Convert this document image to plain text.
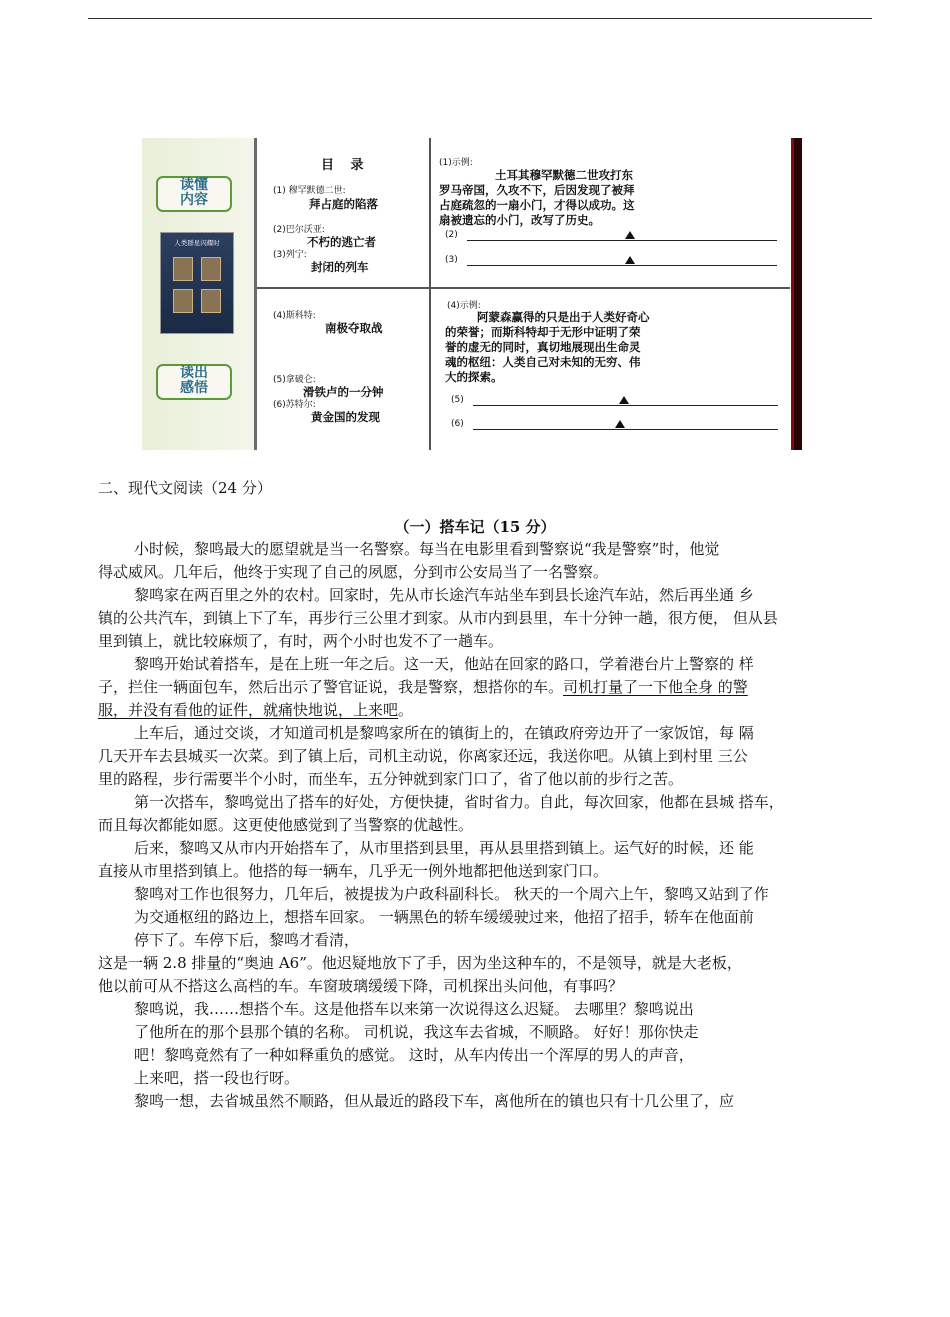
读懂
内容
人类群星闪耀时
读出
感悟
目 录
(1) 穆罕默德二世:
拜占庭的陷落
(2)巴尔沃亚:
不朽的逃亡者
(3)列宁:
封闭的列车
(4)斯科特:
南极夺取战
(5)拿破仑:
滑铁卢的一分钟
(6)苏特尔:
黄金国的发现
(1)示例:
土耳其穆罕默德二世攻打东
罗马帝国，久攻不下，后因发现了被拜
占庭疏忽的一扇小门，才得以成功。这
扇被遗忘的小门，改写了历史。
(2)
(3)
(4)示例:
阿蒙森赢得的只是出于人类好奇心
的荣誉；而斯科特却于无形中证明了荣
誉的虚无的同时，真切地展现出生命灵
魂的枢纽：人类自己对未知的无穷、伟
大的探索。
(5)
(6)
二、现代文阅读（24 分）
（一）搭车记（15 分）
小时候，黎鸣最大的愿望就是当一名警察。每当在电影里看到警察说“我是警察”时，他觉
得忒威风。几年后，他终于实现了自己的夙愿，分到市公安局当了一名警察。
黎鸣家在两百里之外的农村。回家时，先从市长途汽车站坐车到县长途汽车站，然后再坐通 乡
镇的公共汽车，到镇上下了车，再步行三公里才到家。从市内到县里，车十分钟一趟，很方便， 但从县
里到镇上，就比较麻烦了，有时，两个小时也发不了一趟车。
黎鸣开始试着搭车，是在上班一年之后。这一天，他站在回家的路口，学着港台片上警察的 样
子，拦住一辆面包车，然后出示了警官证说，我是警察，想搭你的车。司机打量了一下他全身 的警
服，并没有看他的证件，就痛快地说，上来吧。
上车后，通过交谈，才知道司机是黎鸣家所在的镇街上的，在镇政府旁边开了一家饭馆，每 隔
几天开车去县城买一次菜。到了镇上后，司机主动说，你离家还远，我送你吧。从镇上到村里 三公
里的路程，步行需要半个小时，而坐车，五分钟就到家门口了，省了他以前的步行之苦。
第一次搭车，黎鸣觉出了搭车的好处，方便快捷，省时省力。自此，每次回家，他都在县城 搭车，
而且每次都能如愿。这更使他感觉到了当警察的优越性。
后来，黎鸣又从市内开始搭车了，从市里搭到县里，再从县里搭到镇上。运气好的时候，还 能
直接从市里搭到镇上。他搭的每一辆车，几乎无一例外地都把他送到家门口。
黎鸣对工作也很努力，几年后，被提拔为户政科副科长。 秋天的一个周六上午，黎鸣又站到了作
为交通枢纽的路边上，想搭车回家。 一辆黑色的轿车缓缓驶过来，他招了招手，轿车在他面前
停下了。车停下后，黎鸣才看清，
这是一辆 2.8 排量的“奥迪 A6”。他迟疑地放下了手，因为坐这种车的，不是领导，就是大老板，
他以前可从不搭这么高档的车。车窗玻璃缓缓下降，司机探出头问他，有事吗？
黎鸣说，我……想搭个车。这是他搭车以来第一次说得这么迟疑。 去哪里？黎鸣说出
了他所在的那个县那个镇的名称。 司机说，我这车去省城，不顺路。 好好！那你快走
吧！黎鸣竟然有了一种如释重负的感觉。 这时，从车内传出一个浑厚的男人的声音，
上来吧，搭一段也行呀。
黎鸣一想，去省城虽然不顺路，但从最近的路段下车，离他所在的镇也只有十几公里了，应
